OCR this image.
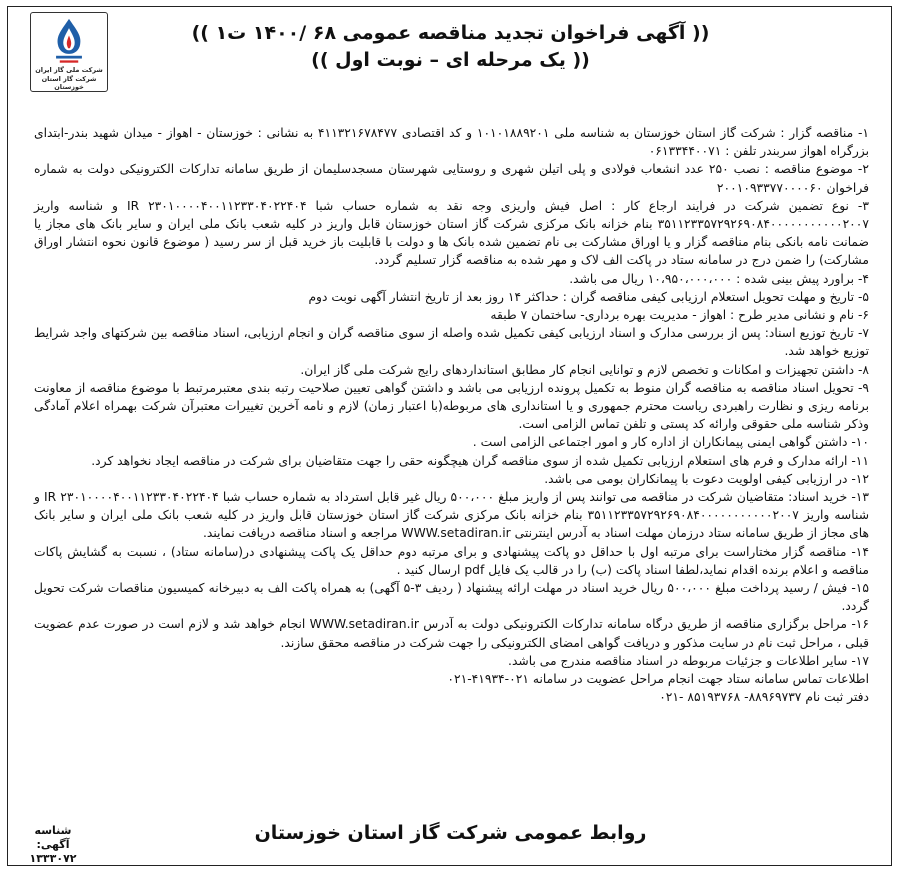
شرکت ملی گاز ایران
شرکت گاز استان خوزستان
(( آگهی فراخوان تجدید مناقصه عمومی ۶۸ /۱۴۰۰ ت۱ ))
(( یک مرحله ای – نوبت اول ))

۱- مناقصه گزار : شرکت گاز استان خوزستان به شناسه ملی ۱۰۱۰۱۸۸۹۲۰۱ و کد اقتصادی ۴۱۱۳۲۱۶۷۸۴۷۷ به نشانی : خوزستان - اهواز - میدان شهید بندر-ابتدای بزرگراه اهواز سربندر تلفن : ۰۶۱۳۳۴۴۰۰۷۱

۲- موضوع مناقصه : نصب ۲۵۰ عدد انشعاب فولادی و پلی اتیلن شهری و روستایی شهرستان مسجدسلیمان از طریق سامانه تدارکات الکترونیکی دولت به شماره فراخوان ۲۰۰۱۰۹۳۳۷۷۰۰۰۰۶۰

۳- نوع تضمین شرکت در فرایند ارجاع کار : اصل فیش واریزی وجه نقد به شماره حساب شبا IR ۲۳۰۱۰۰۰۰۴۰۰۱۱۲۳۳۰۴۰۲۲۴۰۴ و شناسه واریز ۳۵۱۱۲۳۳۵۷۲۹۲۶۹۰۸۴۰۰۰۰۰۰۰۰۰۰۰۲۰۰۷ بنام خزانه بانک مرکزی شرکت گاز استان خوزستان قابل واریز در کلیه شعب بانک ملی ایران و سایر بانک های مجاز یا ضمانت نامه بانکی بنام مناقصه گزار و یا اوراق مشارکت بی نام تضمین شده بانک ها و دولت با قابلیت باز خرید قبل از سر رسید ( موضوع قانون نحوه انتشار اوراق مشارکت) را ضمن درج در سامانه ستاد در پاکت الف لاک و مهر شده به مناقصه گزار تسلیم گردد.

۴- براورد پیش بینی شده : ۱۰،۹۵۰،۰۰۰،۰۰۰ ریال می باشد.

۵- تاریخ و مهلت تحویل استعلام ارزیابی کیفی مناقصه گران : حداکثر ۱۴ روز بعد از تاریخ انتشار آگهی نوبت دوم

۶- نام و نشانی مدیر طرح : اهواز - مدیریت بهره برداری- ساختمان ۷ طبقه

۷- تاریخ توزیع اسناد: پس از بررسی مدارک و اسناد ارزیابی کیفی تکمیل شده واصله از سوی مناقصه گران و انجام ارزیابی، اسناد مناقصه بین شرکتهای واجد شرایط توزیع خواهد شد.

۸- داشتن تجهیزات و امکانات و تخصص لازم و توانایی انجام کار مطابق استانداردهای رایج شرکت ملی گاز ایران.

۹- تحویل اسناد مناقصه به مناقصه گران منوط به تکمیل پرونده ارزیابی می باشد و داشتن گواهی تعیین صلاحیت رتبه بندی معتبرمرتبط با موضوع مناقصه از معاونت برنامه ریزی و نظارت راهبردی ریاست محترم جمهوری و یا استانداری های مربوطه(با اعتبار زمان) لازم و نامه آخرین تغییرات معتبرآن شرکت بهمراه اعلام آمادگی وذکر شناسه ملی حقوقی وارائه کد پستی و تلفن تماس الزامی است.

۱۰- داشتن گواهی ایمنی پیمانکاران از اداره کار و امور اجتماعی الزامی است .

۱۱- ارائه مدارک و فرم های استعلام ارزیابی تکمیل شده از سوی مناقصه گران هیچگونه حقی را جهت متقاضیان برای شرکت در مناقصه ایجاد نخواهد کرد.

۱۲- در ارزیابی کیفی اولویت دعوت با پیمانکاران بومی می باشد.

۱۳- خرید اسناد: متقاضیان شرکت در مناقصه می توانند پس از واریز مبلغ ۵۰۰،۰۰۰ ریال غیر قابل استرداد به شماره حساب شبا IR ۲۳۰۱۰۰۰۰۴۰۰۱۱۲۳۳۰۴۰۲۲۴۰۴ و شناسه واریز ۳۵۱۱۲۳۳۵۷۲۹۲۶۹۰۸۴۰۰۰۰۰۰۰۰۰۰۰۲۰۰۷ بنام خزانه بانک مرکزی شرکت گاز استان خوزستان قابل واریز در کلیه شعب بانک ملی ایران و سایر بانک های مجاز از طریق سامانه ستاد درزمان مهلت اسناد به آدرس اینترنتی WWW.setadiran.ir مراجعه و اسناد مناقصه دریافت نمایند.

۱۴- مناقصه گزار مختاراست برای مرتبه اول با حداقل دو پاکت پیشنهادی و برای مرتبه دوم حداقل یک پاکت پیشنهادی در(سامانه ستاد) ، نسبت به گشایش پاکات مناقصه و اعلام برنده اقدام نماید،لطفا اسناد پاکت (ب) را در قالب یک فایل pdf ارسال کنید .

۱۵- فیش / رسید پرداخت مبلغ ۵۰۰،۰۰۰ ریال خرید اسناد در مهلت ارائه پیشنهاد ( ردیف ۳-۵ آگهی) به همراه پاکت الف به دبیرخانه کمیسیون مناقصات شرکت تحویل گردد.

۱۶- مراحل برگزاری مناقصه از طریق درگاه سامانه تدارکات الکترونیکی دولت به آدرس WWW.setadiran.ir انجام خواهد شد و لازم است در صورت عدم عضویت قبلی ، مراحل ثبت نام در سایت مذکور و دریافت گواهی امضای الکترونیکی را جهت شرکت در مناقصه محقق سازند.

۱۷- سایر اطلاعات و جزئیات مربوطه در اسناد مناقصه مندرج می باشد.

اطلاعات تماس سامانه ستاد جهت انجام مراحل عضویت در سامانه ۰۲۱-۴۱۹۳۴-۰۲۱

دفتر ثبت نام ۸۸۹۶۹۷۳۷- ۸۵۱۹۳۷۶۸ -۰۲۱

شناسه آگهی:
۱۳۳۳۰۷۲
روابط عمومی شرکت گاز استان خوزستان
